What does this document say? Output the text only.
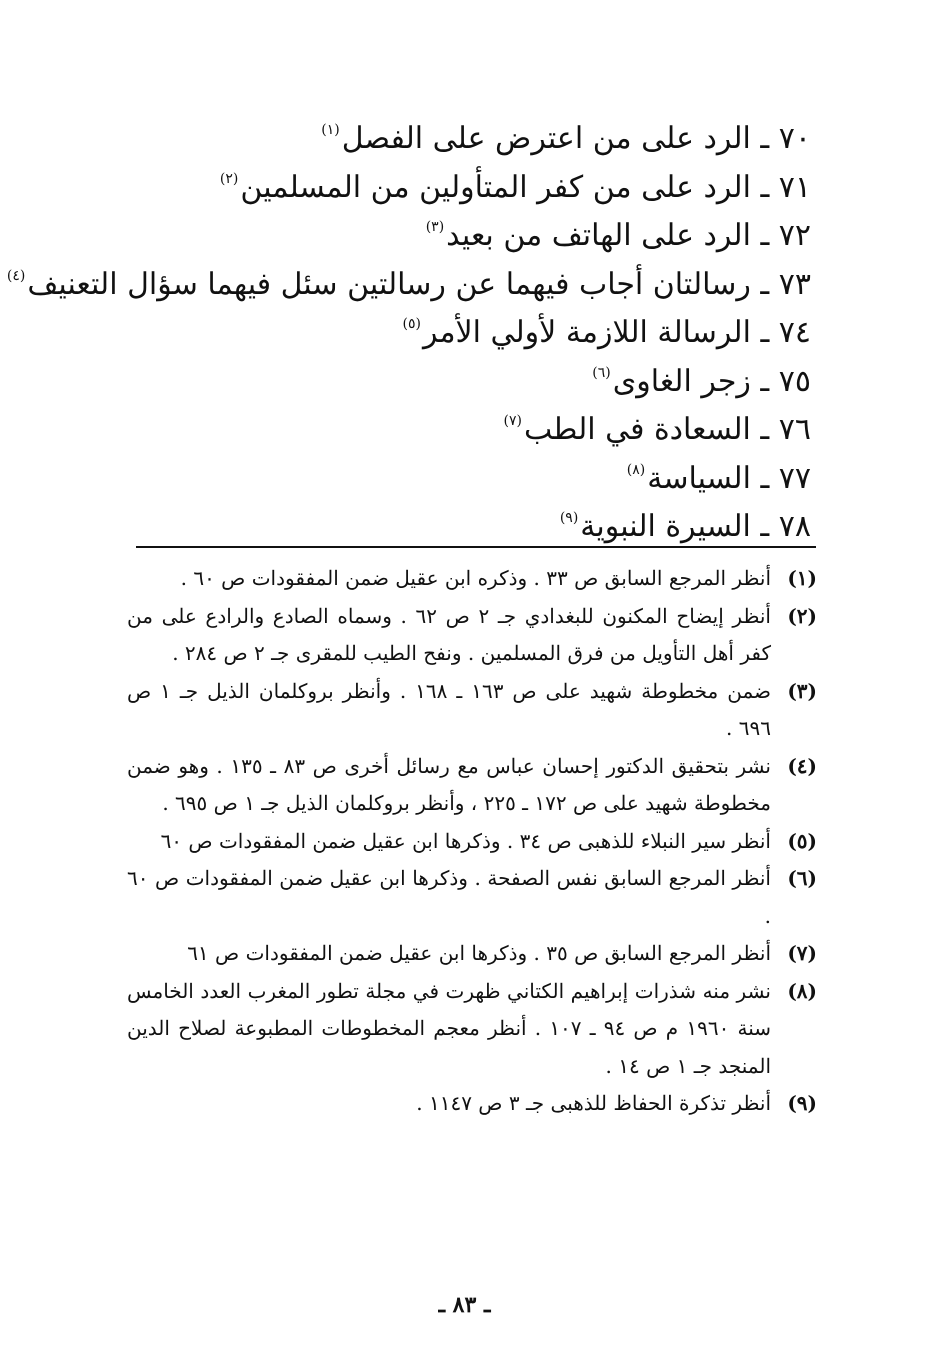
٧٠ ـ الرد على من اعترض على الفصل$^{(١)}$
٧١ ـ الرد على من كفر المتأولين من المسلمين$^{(٢)}$
٧٢ ـ الرد على الهاتف من بعيد$^{(٣)}$
٧٣ ـ رسالتان أجاب فيهما عن رسالتين سئل فيهما سؤال التعنيف$^{(٤)}$
٧٤ ـ الرسالة اللازمة لأولي الأمر$^{(٥)}$
٧٥ ـ زجر الغاوى$^{(٦)}$
٧٦ ـ السعادة في الطب$^{(٧)}$
٧٧ ـ السياسة$^{(٨)}$
٧٨ ـ السيرة النبوية$^{(٩)}$
(١)
أنظر المرجع السابق ص ٣٣ . وذكره ابن عقيل ضمن المفقودات ص ٦٠ .
(٢)
أنظر إيضاح المكنون للبغدادي جـ ٢ ص ٦٢ . وسماه الصادع والرادع على من كفر أهل التأويل من فرق المسلمين . ونفح الطيب للمقرى جـ ٢ ص ٢٨٤ .
(٣)
ضمن مخطوطة شهيد على ص ١٦٣ ـ ١٦٨ . وأنظر بروكلمان الذيل جـ ١ ص ٦٩٦ .
(٤)
نشر بتحقيق الدكتور إحسان عباس مع رسائل أخرى ص ٨٣ ـ ١٣٥ . وهو ضمن مخطوطة شهيد على ص ١٧٢ ـ ٢٢٥ ، وأنظر بروكلمان الذيل جـ ١ ص ٦٩٥ .
(٥)
أنظر سير النبلاء للذهبى ص ٣٤ . وذكرها ابن عقيل ضمن المفقودات ص ٦٠
(٦)
أنظر المرجع السابق نفس الصفحة . وذكرها ابن عقيل ضمن المفقودات ص ٦٠ .
(٧)
أنظر المرجع السابق ص ٣٥ . وذكرها ابن عقيل ضمن المفقودات ص ٦١
(٨)
نشر منه شذرات إبراهيم الكتاني ظهرت في مجلة تطور المغرب العدد الخامس سنة ١٩٦٠ م ص ٩٤ ـ ١٠٧ . أنظر معجم المخطوطات المطبوعة لصلاح الدين المنجد جـ ١ ص ١٤ .
(٩)
أنظر تذكرة الحفاظ للذهبى جـ ٣ ص ١١٤٧ .
ـ ٨٣ ـ
